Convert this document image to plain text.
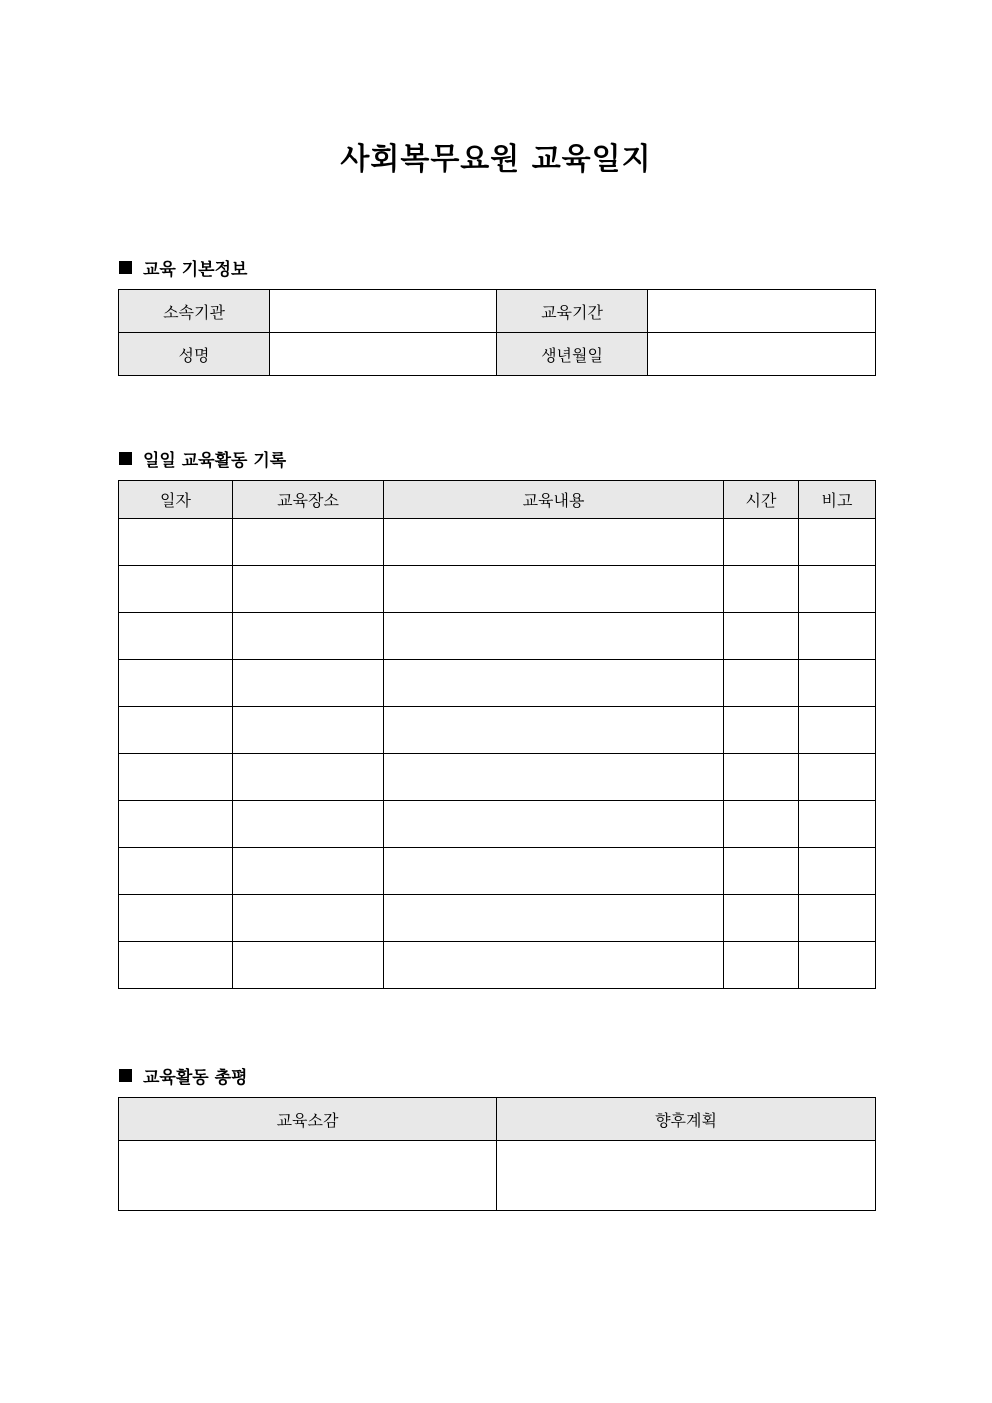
사회복무요원 교육일지
교육 기본정보
소속기관		교육기간	
성명		생년월일	
일일 교육활동 기록
일자	교육장소	교육내용	시간	비고

교육활동 총평
교육소감	향후계획
